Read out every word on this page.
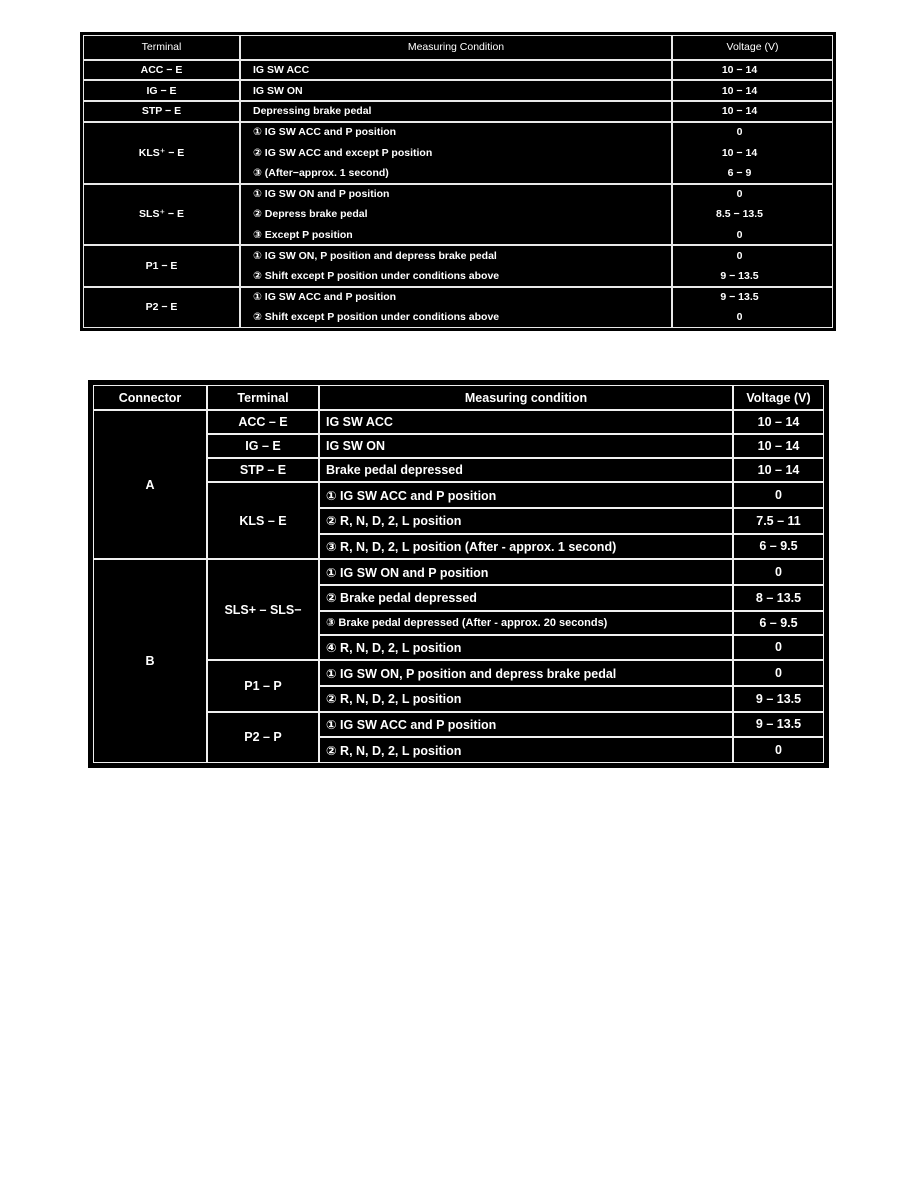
Terminal	Measuring Condition	Voltage (V)
ACC − E	IG SW ACC	10 − 14
IG − E	IG SW ON	10 − 14
STP − E	Depressing brake pedal	10 − 14
KLS⁺ − E	① IG SW ACC and P position	0
	② IG SW ACC and except P position	10 − 14
	③ (After−approx. 1 second)	6 − 9
SLS⁺ − E	① IG SW ON and P position	0
	② Depress brake pedal	8.5 − 13.5
	③ Except P position	0
P1 − E	① IG SW ON, P position and depress brake pedal	0
	② Shift except P position under conditions above	9 − 13.5
P2 − E	① IG SW ACC and P position	9 − 13.5
	② Shift except P position under conditions above	0
Connector	Terminal	Measuring condition	Voltage (V)
A	ACC – E	IG SW ACC	10 – 14
	IG – E	IG SW ON	10 – 14
	STP – E	Brake pedal depressed	10 – 14
	KLS – E	① IG SW ACC and P position	0
		② R, N, D, 2, L position	7.5 – 11
		③ R, N, D, 2, L position (After - approx. 1 second)	6 – 9.5
B	SLS+ – SLS−	① IG SW ON and P position	0
		② Brake pedal depressed	8 – 13.5
		③ Brake pedal depressed (After - approx. 20 seconds)	6 – 9.5
		④ R, N, D, 2, L position	0
	P1 – P	① IG SW ON, P position and depress brake pedal	0
		② R, N, D, 2, L position	9 – 13.5
	P2 – P	① IG SW ACC and P position	9 – 13.5
		② R, N, D, 2, L position	0
